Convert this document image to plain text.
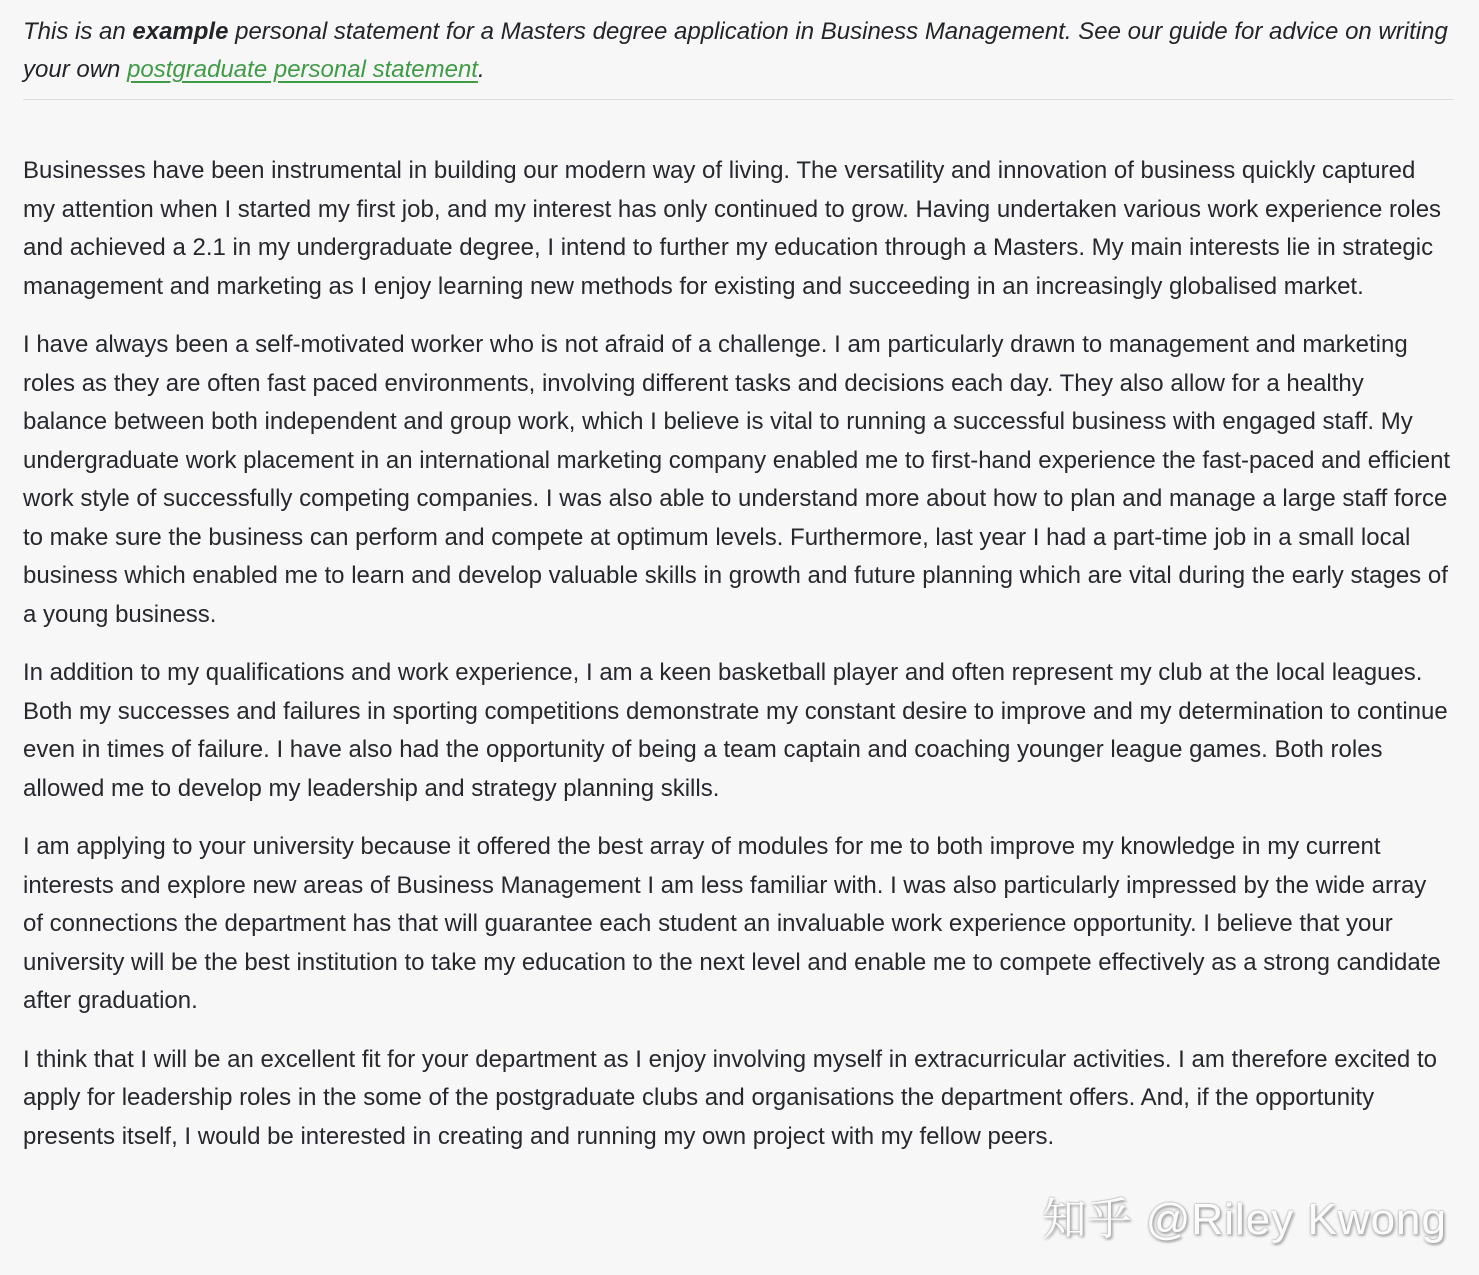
This is an example personal statement for a Masters degree application in Business Management. See our guide for advice on writing your own postgraduate personal statement.

Businesses have been instrumental in building our modern way of living. The versatility and innovation of business quickly captured my attention when I started my first job, and my interest has only continued to grow. Having undertaken various work experience roles and achieved a 2.1 in my undergraduate degree, I intend to further my education through a Masters. My main interests lie in strategic management and marketing as I enjoy learning new methods for existing and succeeding in an increasingly globalised market.

I have always been a self-motivated worker who is not afraid of a challenge. I am particularly drawn to management and marketing roles as they are often fast paced environments, involving different tasks and decisions each day. They also allow for a healthy balance between both independent and group work, which I believe is vital to running a successful business with engaged staff. My undergraduate work placement in an international marketing company enabled me to first-hand experience the fast-paced and efficient work style of successfully competing companies. I was also able to understand more about how to plan and manage a large staff force to make sure the business can perform and compete at optimum levels. Furthermore, last year I had a part-time job in a small local business which enabled me to learn and develop valuable skills in growth and future planning which are vital during the early stages of a young business.

In addition to my qualifications and work experience, I am a keen basketball player and often represent my club at the local leagues. Both my successes and failures in sporting competitions demonstrate my constant desire to improve and my determination to continue even in times of failure. I have also had the opportunity of being a team captain and coaching younger league games. Both roles allowed me to develop my leadership and strategy planning skills.

I am applying to your university because it offered the best array of modules for me to both improve my knowledge in my current interests and explore new areas of Business Management I am less familiar with. I was also particularly impressed by the wide array of connections the department has that will guarantee each student an invaluable work experience opportunity. I believe that your university will be the best institution to take my education to the next level and enable me to compete effectively as a strong candidate after graduation.

I think that I will be an excellent fit for your department as I enjoy involving myself in extracurricular activities. I am therefore excited to apply for leadership roles in the some of the postgraduate clubs and organisations the department offers. And, if the opportunity presents itself, I would be interested in creating and running my own project with my fellow peers.

知乎 @Riley Kwong
